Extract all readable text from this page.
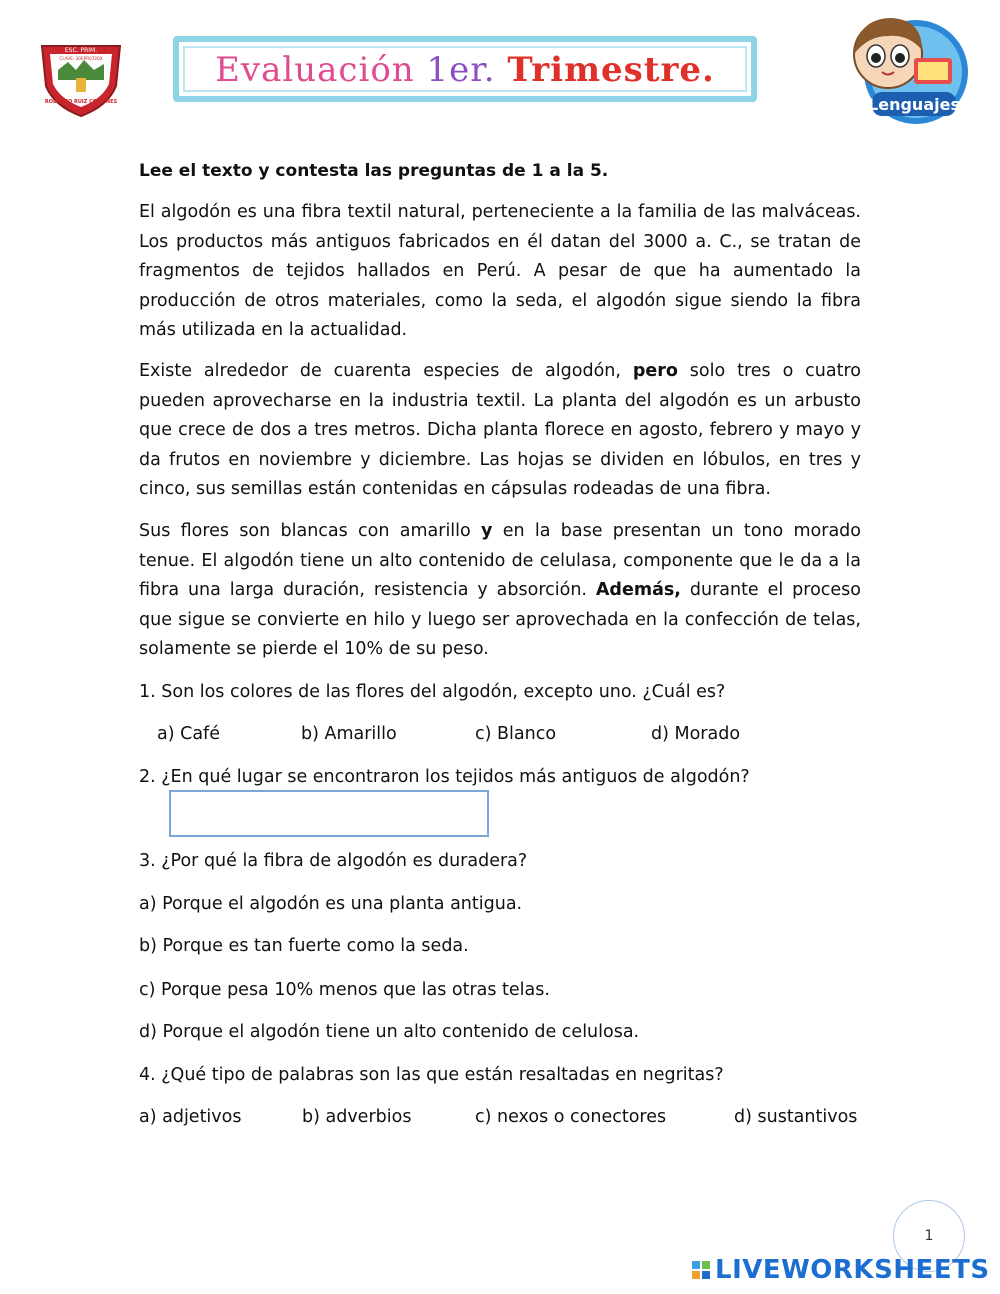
ESC. PRIM.
CLAVE: 30EPR0720X
RODOLFO RUIZ CORTINES
Evaluación 1er. Trimestre.
Lenguajes
Lee el texto y contesta las preguntas de 1 a la 5.
El algodón es una fibra textil natural, perteneciente a la familia de las malváceas. Los productos más antiguos fabricados en él datan del 3000 a. C., se tratan de fragmentos de tejidos hallados en Perú. A pesar de que ha aumentado la producción de otros materiales, como la seda, el algodón sigue siendo la fibra más utilizada en la actualidad.
Existe alrededor de cuarenta especies de algodón, pero solo tres o cuatro pueden aprovecharse en la industria textil. La planta del algodón es un arbusto que crece de dos a tres metros. Dicha planta florece en agosto, febrero y mayo y da frutos en noviembre y diciembre. Las hojas se dividen en lóbulos, en tres y cinco, sus semillas están contenidas en cápsulas rodeadas de una fibra.
Sus flores son blancas con amarillo y en la base presentan un tono morado tenue. El algodón tiene un alto contenido de celulasa, componente que le da a la fibra una larga duración, resistencia y absorción. Además, durante el proceso que sigue se convierte en hilo y luego ser aprovechada en la confección de telas, solamente se pierde el 10% de su peso.
1. Son los colores de las flores del algodón, excepto uno. ¿Cuál es?
a) Café	b) Amarillo	c) Blanco	d) Morado
2. ¿En qué lugar se encontraron los tejidos más antiguos de algodón?
3. ¿Por qué la fibra de algodón es duradera?
a) Porque el algodón es una planta antigua.
b) Porque es tan fuerte como la seda.
c) Porque pesa 10% menos que las otras telas.
d) Porque el algodón tiene un alto contenido de celulosa.
4. ¿Qué tipo de palabras son las que están resaltadas en negritas?
a) adjetivos	b) adverbios	c) nexos o conectores	d) sustantivos
1
LIVEWORKSHEETS
